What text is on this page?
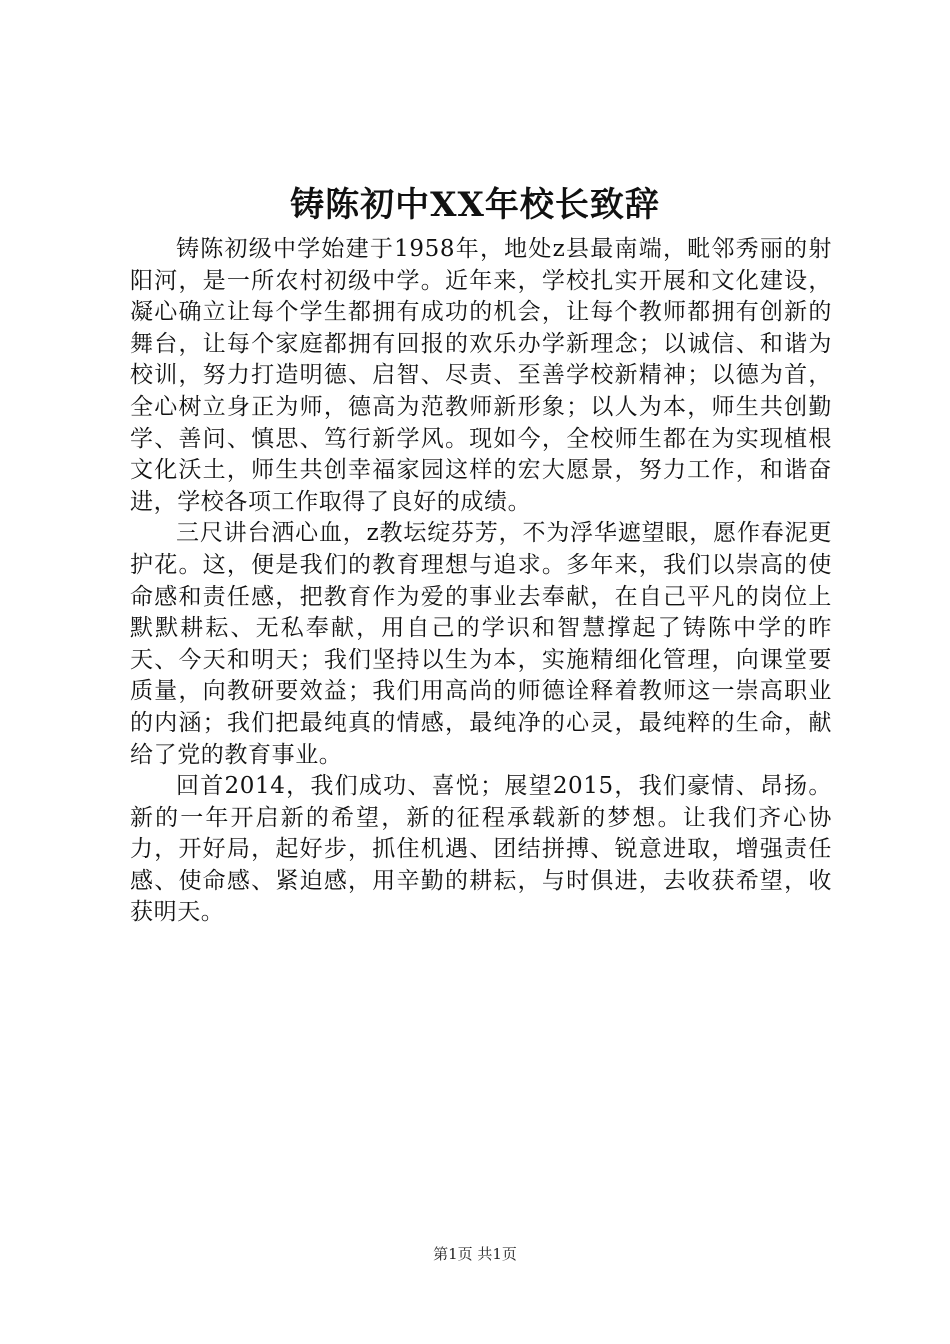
铸陈初中XX年校长致辞

铸陈初级中学始建于1958年，地处z县最南端，毗邻秀丽的射阳河，是一所农村初级中学。近年来，学校扎实开展和文化建设，凝心确立让每个学生都拥有成功的机会，让每个教师都拥有创新的舞台，让每个家庭都拥有回报的欢乐办学新理念；以诚信、和谐为校训，努力打造明德、启智、尽责、至善学校新精神；以德为首，全心树立身正为师，德高为范教师新形象；以人为本，师生共创勤学、善问、慎思、笃行新学风。现如今，全校师生都在为实现植根文化沃土，师生共创幸福家园这样的宏大愿景，努力工作，和谐奋进，学校各项工作取得了良好的成绩。

三尺讲台洒心血，z教坛绽芬芳，不为浮华遮望眼，愿作春泥更护花。这，便是我们的教育理想与追求。多年来，我们以崇高的使命感和责任感，把教育作为爱的事业去奉献，在自己平凡的岗位上默默耕耘、无私奉献，用自己的学识和智慧撑起了铸陈中学的昨天、今天和明天；我们坚持以生为本，实施精细化管理，向课堂要质量，向教研要效益；我们用高尚的师德诠释着教师这一崇高职业的内涵；我们把最纯真的情感，最纯净的心灵，最纯粹的生命，献给了党的教育事业。

回首2014，我们成功、喜悦；展望2015，我们豪情、昂扬。新的一年开启新的希望，新的征程承载新的梦想。让我们齐心协力，开好局，起好步，抓住机遇、团结拼搏、锐意进取，增强责任感、使命感、紧迫感，用辛勤的耕耘，与时俱进，去收获希望，收获明天。

第1页 共1页
